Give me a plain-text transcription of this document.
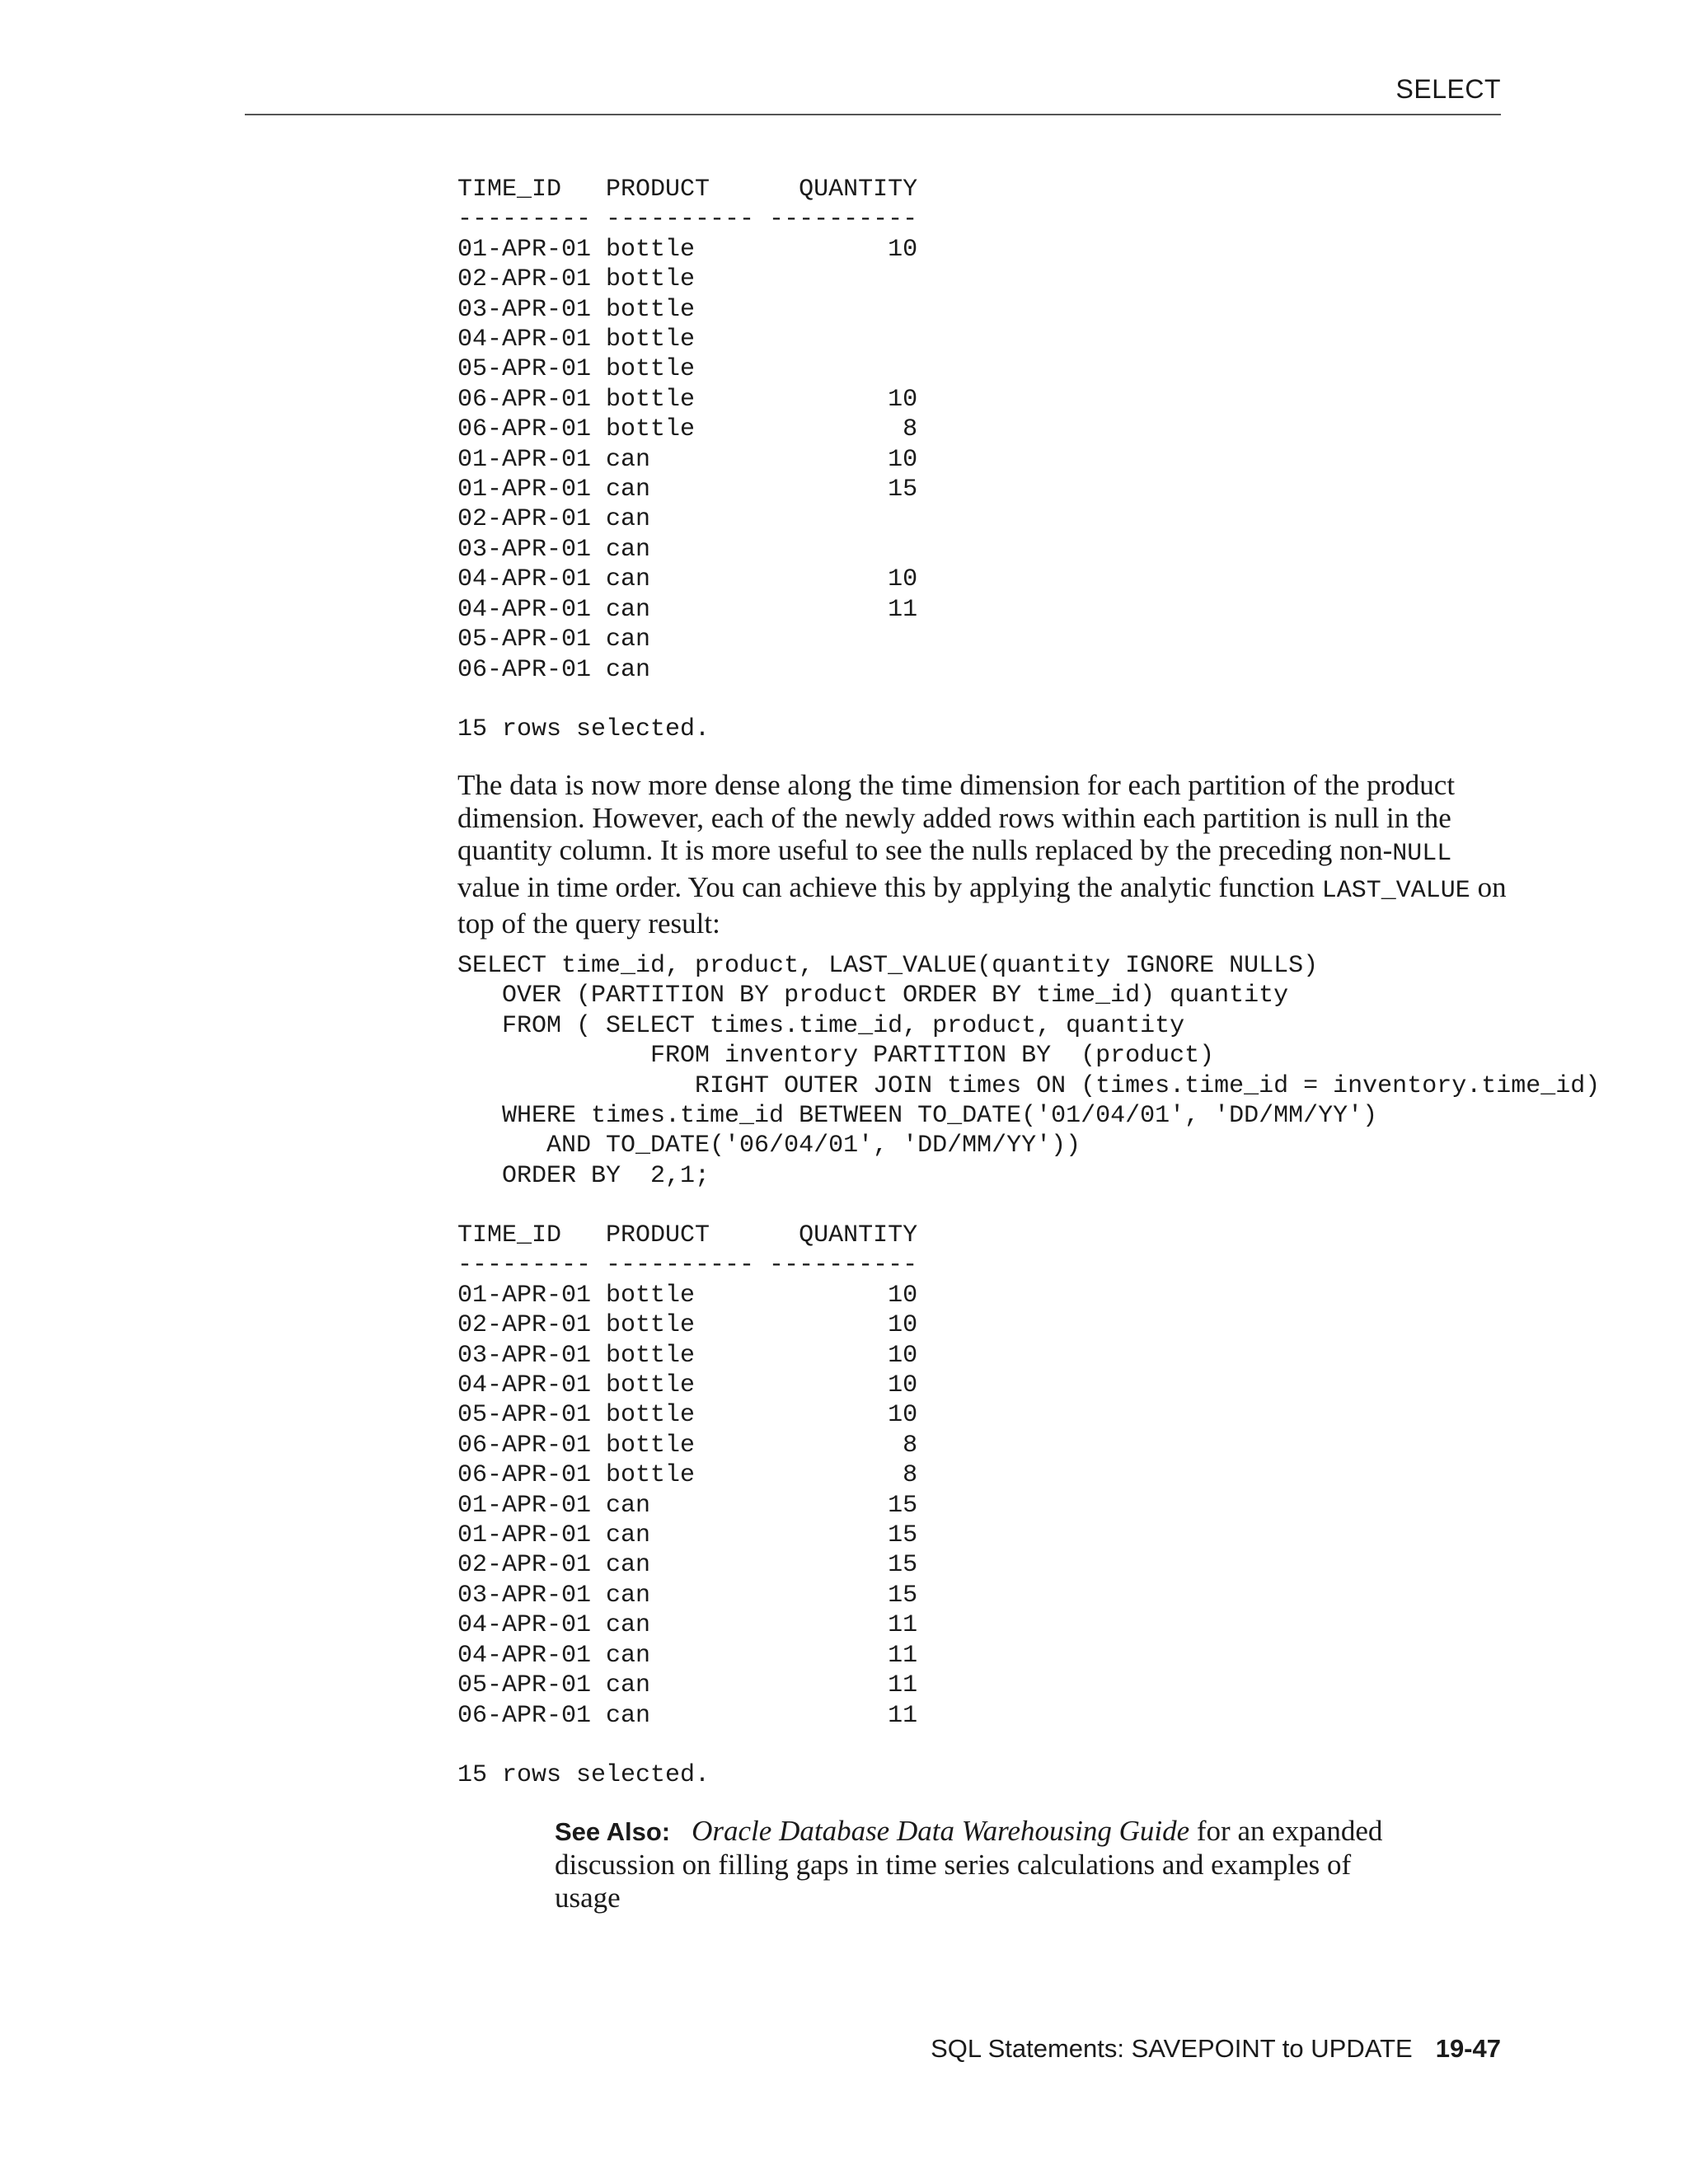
SELECT
TIME_ID   PRODUCT      QUANTITY
--------- ---------- ----------
01-APR-01 bottle             10
02-APR-01 bottle
03-APR-01 bottle
04-APR-01 bottle
05-APR-01 bottle
06-APR-01 bottle             10
06-APR-01 bottle              8
01-APR-01 can                10
01-APR-01 can                15
02-APR-01 can
03-APR-01 can
04-APR-01 can                10
04-APR-01 can                11
05-APR-01 can
06-APR-01 can

15 rows selected.

The data is now more dense along the time dimension for each partition of the product dimension. However, each of the newly added rows within each partition is null in the quantity column. It is more useful to see the nulls replaced by the preceding non-NULL value in time order. You can achieve this by applying the analytic function LAST_VALUE on top of the query result:

SELECT time_id, product, LAST_VALUE(quantity IGNORE NULLS)
OVER (PARTITION BY product ORDER BY time_id) quantity
FROM ( SELECT times.time_id, product, quantity
FROM inventory PARTITION BY  (product)
RIGHT OUTER JOIN times ON (times.time_id = inventory.time_id)
WHERE times.time_id BETWEEN TO_DATE('01/04/01', 'DD/MM/YY')
AND TO_DATE('06/04/01', 'DD/MM/YY'))
ORDER BY  2,1;
TIME_ID   PRODUCT      QUANTITY
--------- ---------- ----------
01-APR-01 bottle             10
02-APR-01 bottle             10
03-APR-01 bottle             10
04-APR-01 bottle             10
05-APR-01 bottle             10
06-APR-01 bottle              8
06-APR-01 bottle              8
01-APR-01 can                15
01-APR-01 can                15
02-APR-01 can                15
03-APR-01 can                15
04-APR-01 can                11
04-APR-01 can                11
05-APR-01 can                11
06-APR-01 can                11

15 rows selected.

See Also: Oracle Database Data Warehousing Guide for an expanded discussion on filling gaps in time series calculations and examples of usage

SQL Statements: SAVEPOINT to UPDATE 19-47
